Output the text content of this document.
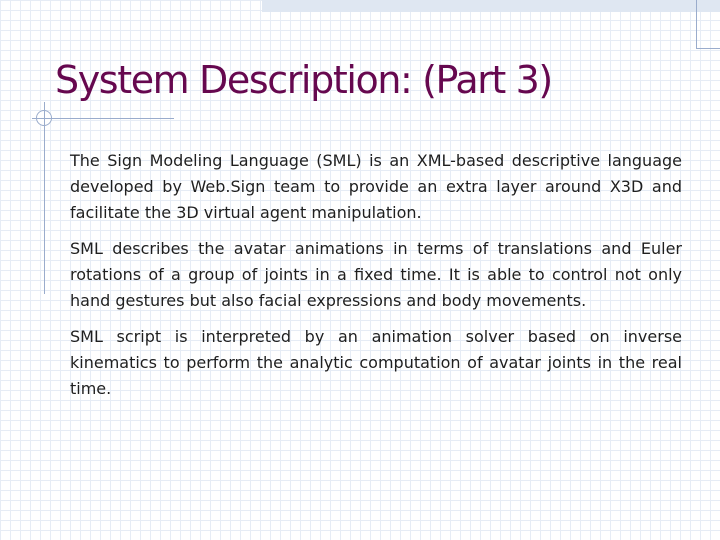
System Description: (Part 3)

The Sign Modeling Language (SML) is an XML-based descriptive language developed by Web.Sign team to provide an extra layer around X3D and facilitate the 3D virtual agent manipulation.

SML describes the avatar animations in terms of translations and Euler rotations of a group of joints in a fixed time. It is able to control not only hand gestures but also facial expressions and body movements.

SML script is interpreted by an animation solver based on inverse kinematics to perform the analytic computation of avatar joints in the real time.
